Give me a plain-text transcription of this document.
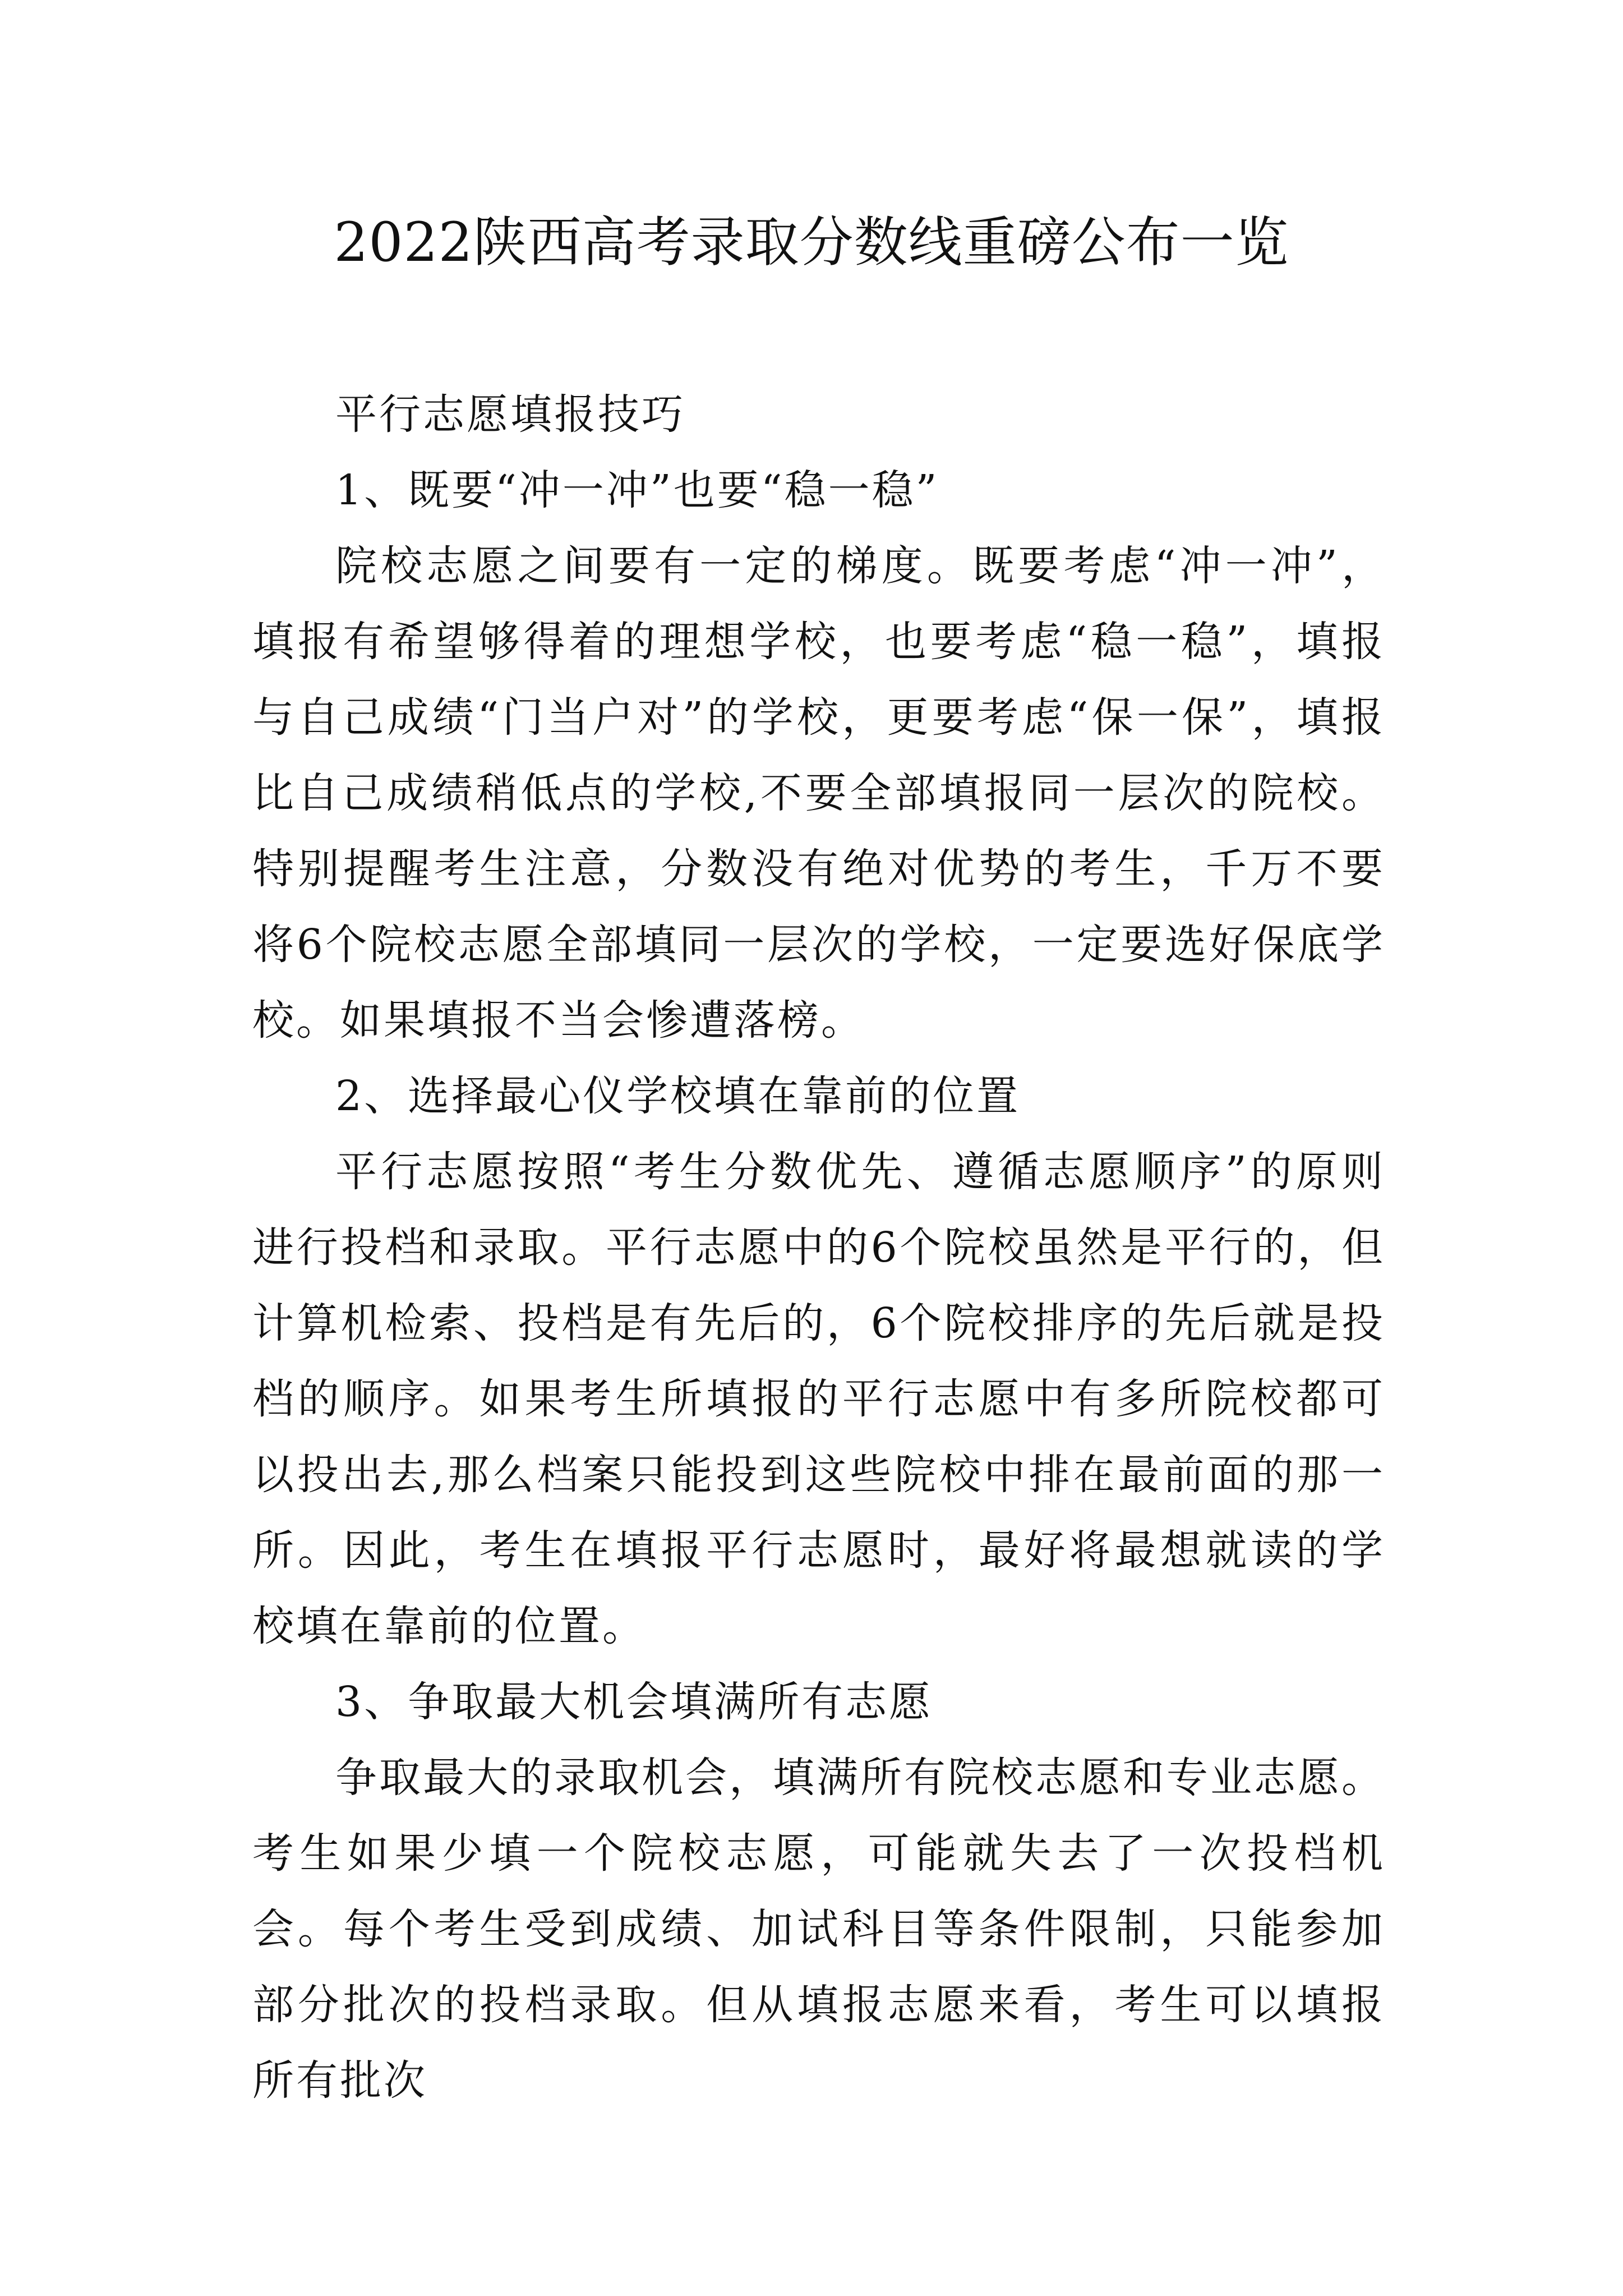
2022陕西高考录取分数线重磅公布一览

平行志愿填报技巧

1、既要“冲一冲”也要“稳一稳”

院校志愿之间要有一定的梯度。既要考虑“冲一冲”，填报有希望够得着的理想学校，也要考虑“稳一稳”，填报与自己成绩“门当户对”的学校，更要考虑“保一保”，填报比自己成绩稍低点的学校,不要全部填报同一层次的院校。特别提醒考生注意，分数没有绝对优势的考生，千万不要将6个院校志愿全部填同一层次的学校，一定要选好保底学校。如果填报不当会惨遭落榜。

2、选择最心仪学校填在靠前的位置

平行志愿按照“考生分数优先、遵循志愿顺序”的原则进行投档和录取。平行志愿中的6个院校虽然是平行的，但计算机检索、投档是有先后的，6个院校排序的先后就是投档的顺序。如果考生所填报的平行志愿中有多所院校都可以投出去,那么档案只能投到这些院校中排在最前面的那一所。因此，考生在填报平行志愿时，最好将最想就读的学校填在靠前的位置。

3、争取最大机会填满所有志愿

争取最大的录取机会，填满所有院校志愿和专业志愿。考生如果少填一个院校志愿，可能就失去了一次投档机会。每个考生受到成绩、加试科目等条件限制，只能参加部分批次的投档录取。但从填报志愿来看，考生可以填报所有批次
